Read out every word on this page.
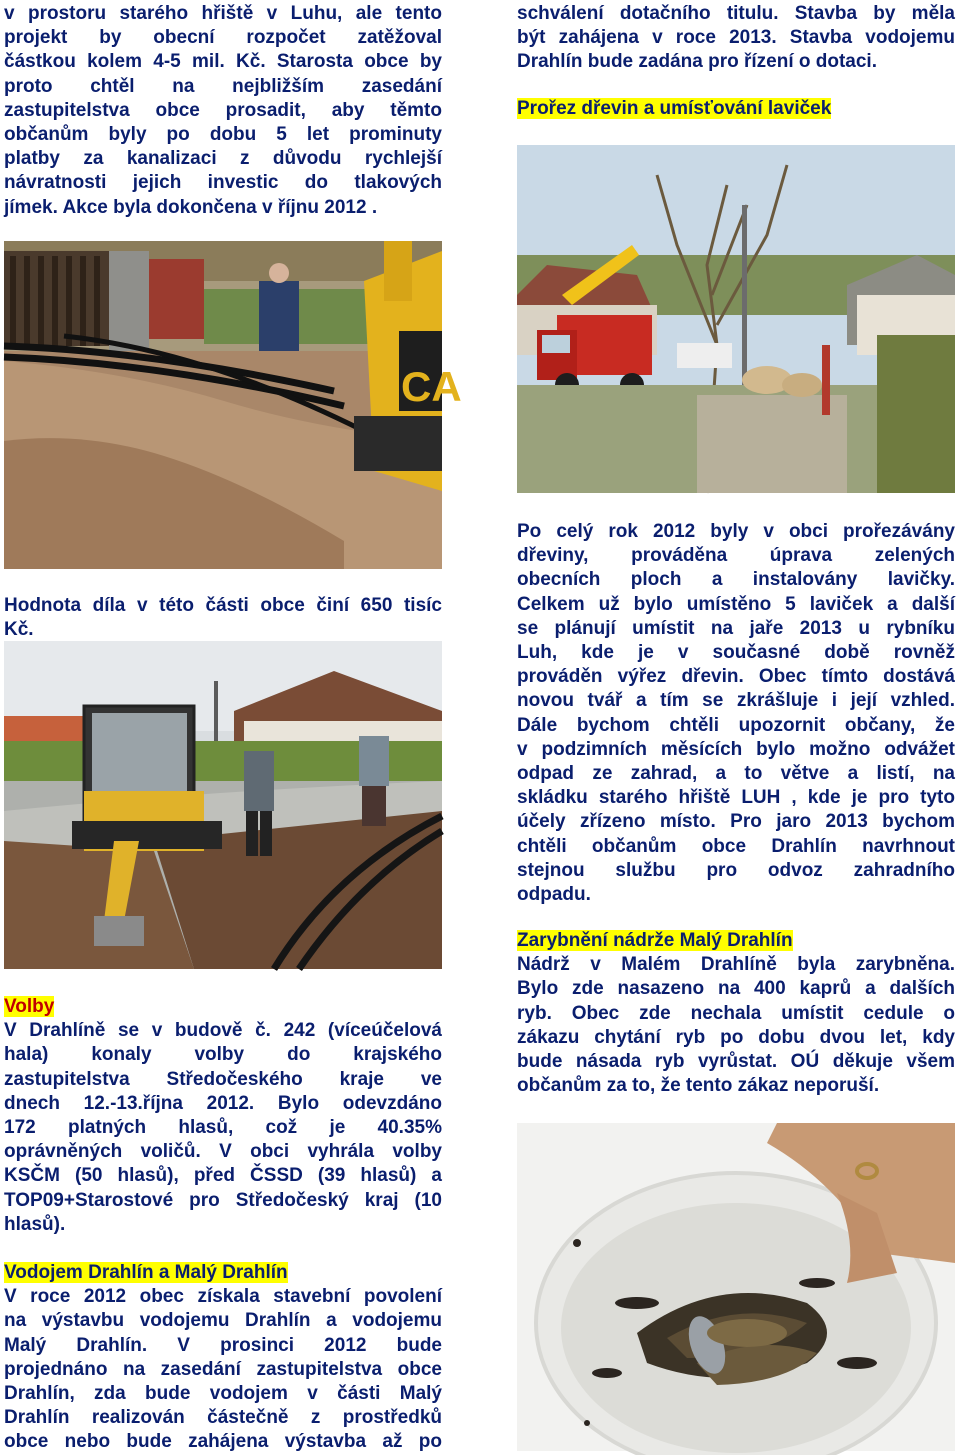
v prostoru starého hřiště v Luhu, ale tento
projekt by obecní rozpočet zatěžoval
částkou kolem 4-5 mil. Kč. Starosta obce by
proto chtěl na nejbližším zasedání
zastupitelstva obce prosadit, aby těmto
občanům byly po dobu 5 let prominuty
platby za kanalizaci z důvodu rychlejší
návratnosti jejich investic do tlakových
jímek. Akce byla dokončena v říjnu 2012 .

CA

Hodnota díla v této části obce činí 650 tisíc
Kč.

Volby
V Drahlíně se v budově č. 242 (víceúčelová
hala) konaly volby do krajského
zastupitelstva Středočeského kraje ve
dnech 12.-13.října 2012. Bylo odevzdáno
172 platných hlasů, což je 40.35%
oprávněných voličů. V obci vyhrála volby
KSČM (50 hlasů), před ČSSD (39 hlasů) a
TOP09+Starostové pro Středočeský kraj (10
hlasů).

Vodojem Drahlín a Malý Drahlín
V roce 2012 obec získala stavební povolení
na výstavbu vodojemu Drahlín a vodojemu
Malý Drahlín. V prosinci 2012 bude
projednáno na zasedání zastupitelstva obce
Drahlín, zda bude vodojem v části Malý
Drahlín realizován částečně z prostředků
obce nebo bude zahájena výstavba až po

schválení dotačního titulu. Stavba by měla
být zahájena v roce 2013. Stavba vodojemu
Drahlín bude zadána pro řízení o dotaci.

Prořez dřevin a umísťování laviček

Po celý rok 2012 byly v obci prořezávány
dřeviny, prováděna úprava zelených
obecních ploch a instalovány lavičky.
Celkem už bylo umístěno 5 laviček a další
se plánují umístit na jaře 2013 u rybníku
Luh, kde je v současné době rovněž
prováděn výřez dřevin. Obec tímto dostává
novou tvář a tím se zkrášluje i její vzhled.
Dále bychom chtěli upozornit občany, že
v podzimních měsících bylo možno odvážet
odpad ze zahrad, a to větve a listí, na
skládku starého hřiště LUH , kde je pro tyto
účely zřízeno místo. Pro jaro 2013 bychom
chtěli občanům obce Drahlín navrhnout
stejnou službu pro odvoz zahradního
odpadu.

Zarybnění nádrže Malý Drahlín
Nádrž v Malém Drahlíně byla zarybněna.
Bylo zde nasazeno na 400 kaprů a dalších
ryb. Obec zde nechala umístit cedule o
zákazu chytání ryb po dobu dvou let, kdy
bude násada ryb vyrůstat. OÚ děkuje všem
občanům za to, že tento zákaz neporuší.
